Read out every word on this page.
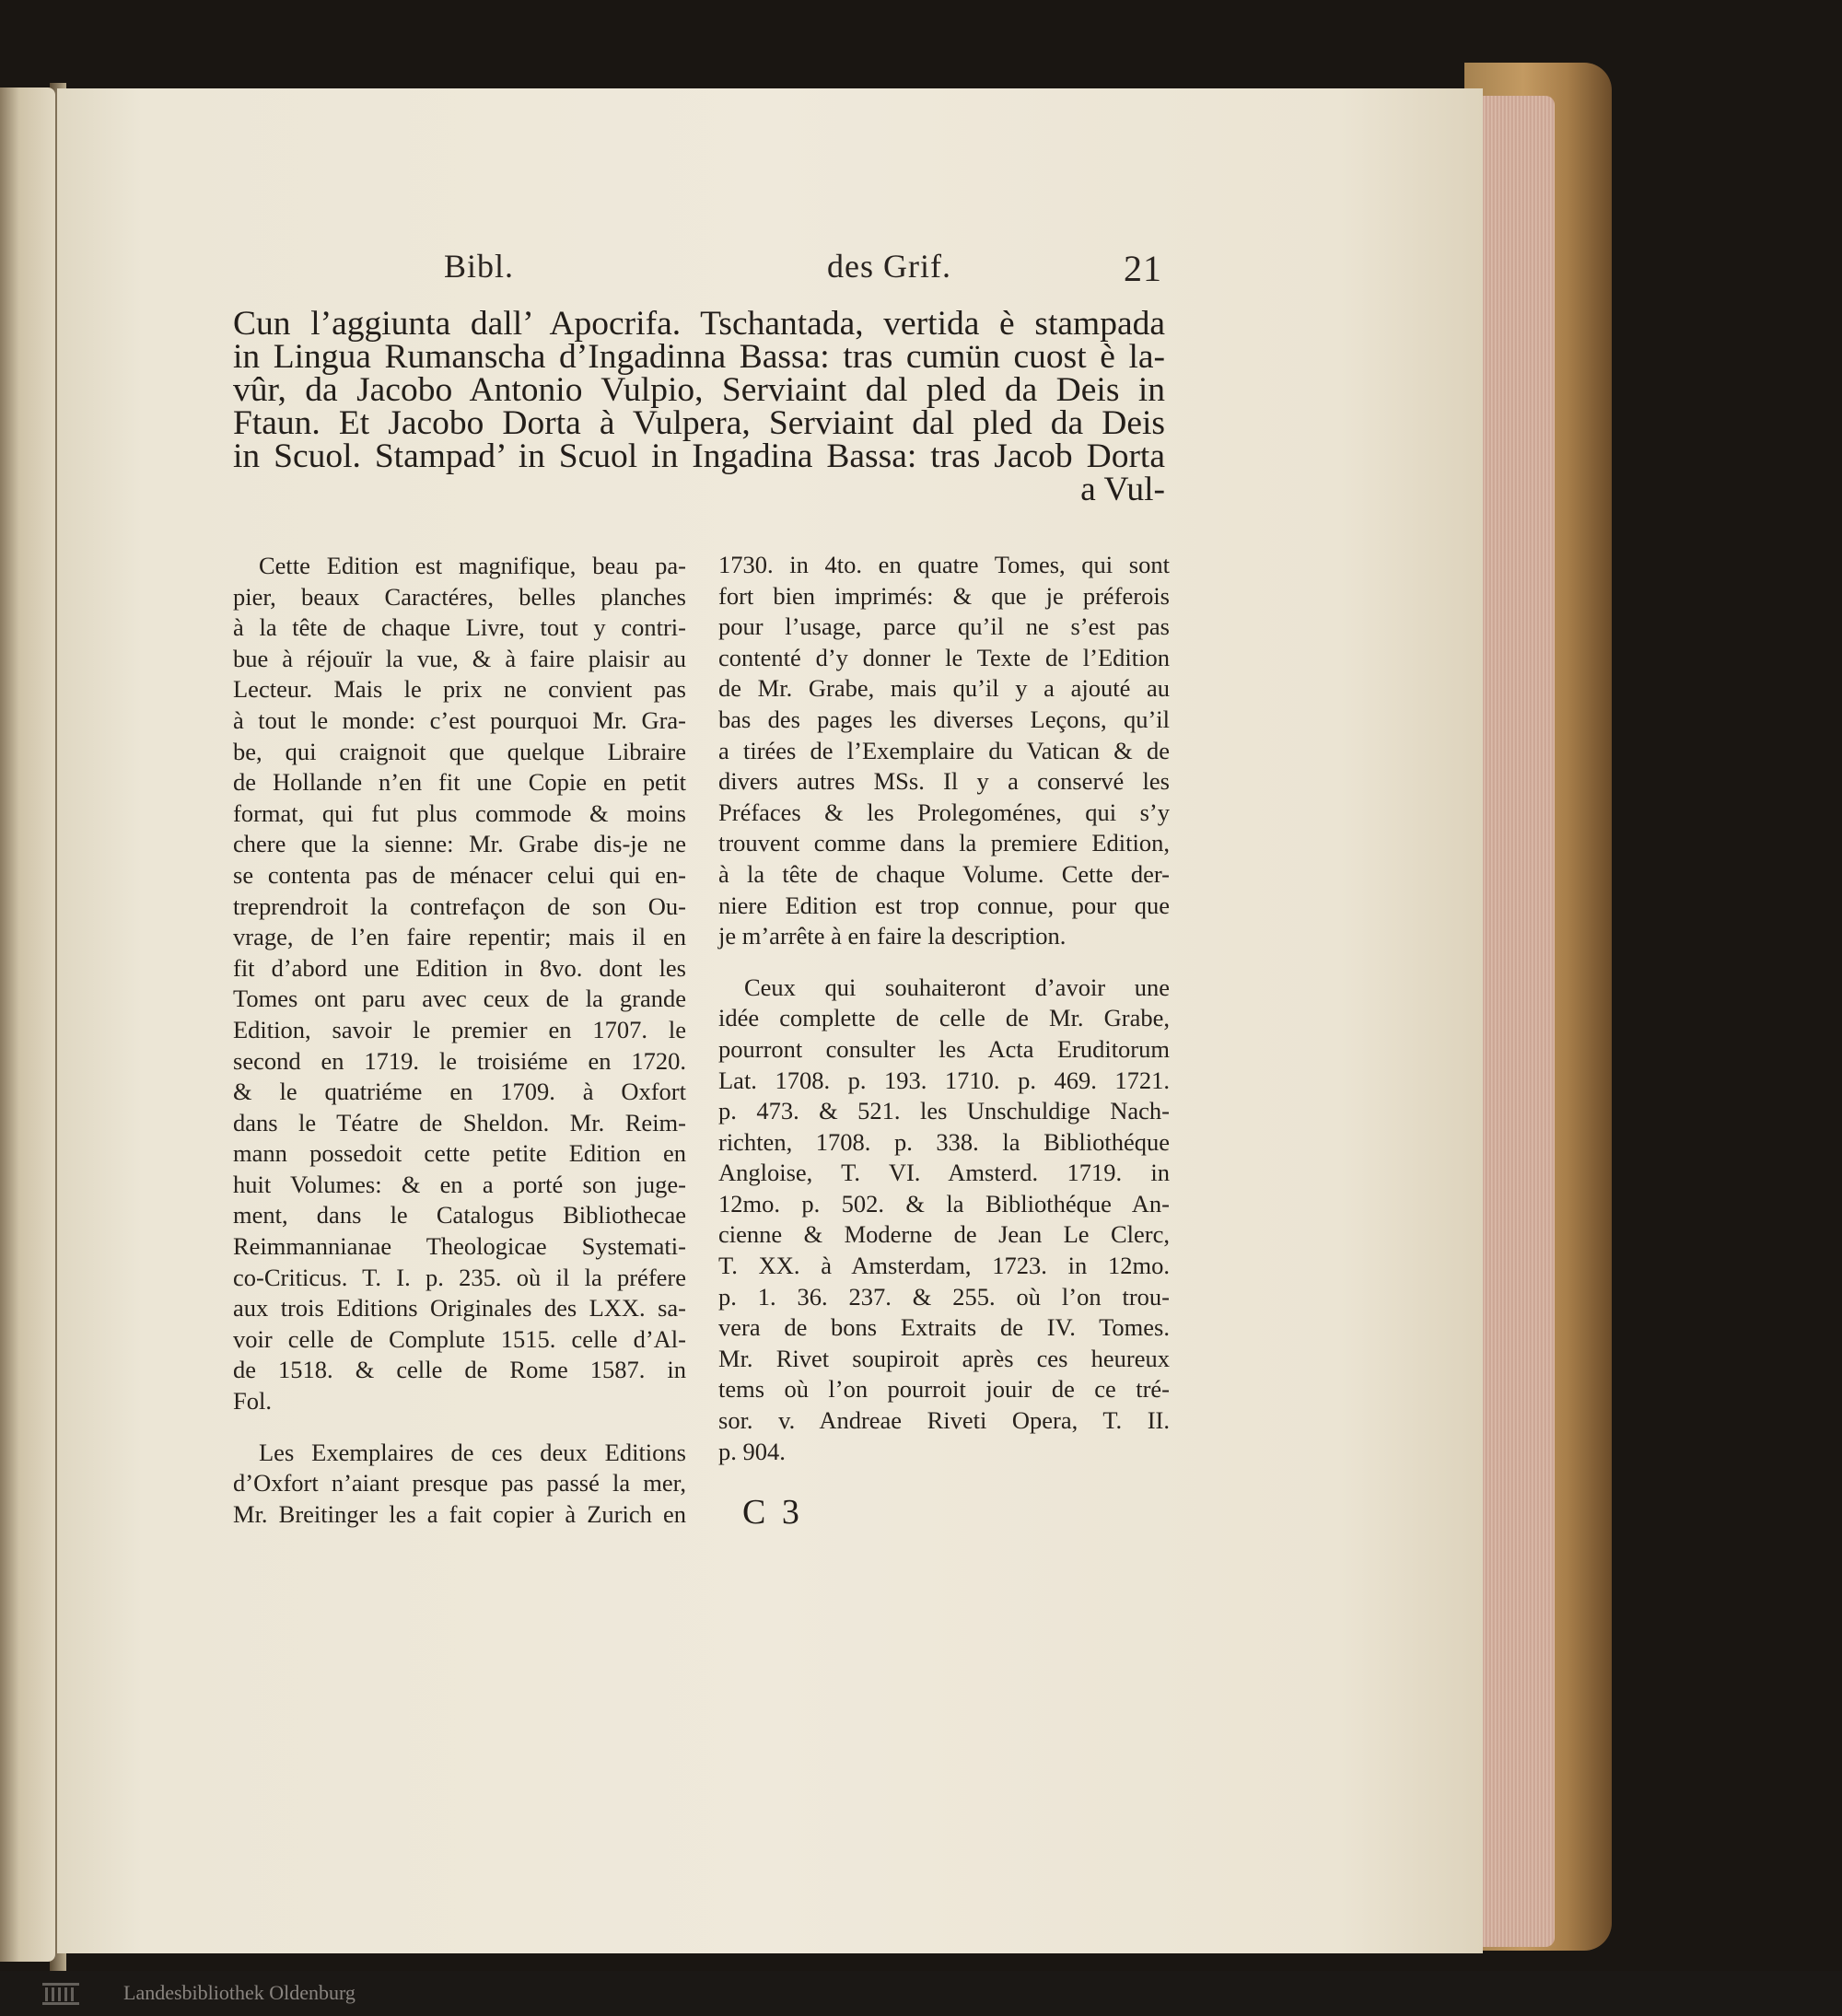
Bibl.	des Grif.	21
Cun l’aggiunta dall’ Apocrifa. Tschantada, vertida è stampada
in Lingua Rumanscha d’Ingadinna Bassa: tras cumün cuost è la-
vûr, da Jacobo Antonio Vulpio, Serviaint dal pled da Deis in
Ftaun. Et Jacobo Dorta à Vulpera, Serviaint dal pled da Deis
in Scuol. Stampad’ in Scuol in Ingadina Bassa: tras Jacob Dorta
a Vul-
Cette Edition est magnifique, beau pa-
pier, beaux Caractéres, belles planches
à la tête de chaque Livre, tout y contri-
bue à réjouïr la vue, & à faire plaisir au
Lecteur. Mais le prix ne convient pas
à tout le monde: c’est pourquoi Mr. Gra-
be, qui craignoit que quelque Libraire
de Hollande n’en fit une Copie en petit
format, qui fut plus commode & moins
chere que la sienne: Mr. Grabe dis-je ne
se contenta pas de ménacer celui qui en-
treprendroit la contrefaçon de son Ou-
vrage, de l’en faire repentir; mais il en
fit d’abord une Edition in 8vo. dont les
Tomes ont paru avec ceux de la grande
Edition, savoir le premier en 1707. le
second en 1719. le troisiéme en 1720.
& le quatriéme en 1709. à Oxfort
dans le Téatre de Sheldon. Mr. Reim-
mann possedoit cette petite Edition en
huit Volumes: & en a porté son juge-
ment, dans le Catalogus Bibliothecae
Reimmannianae Theologicae Systemati-
co-Criticus. T. I. p. 235. où il la préfere
aux trois Editions Originales des LXX. sa-
voir celle de Complute 1515. celle d’Al-
de 1518. & celle de Rome 1587. in
Fol.
Les Exemplaires de ces deux Editions
d’Oxfort n’aiant presque pas passé la mer,
Mr. Breitinger les a fait copier à Zurich en
1730. in 4to. en quatre Tomes, qui sont
fort bien imprimés: & que je préferois
pour l’usage, parce qu’il ne s’est pas
contenté d’y donner le Texte de l’Edition
de Mr. Grabe, mais qu’il y a ajouté au
bas des pages les diverses Leçons, qu’il
a tirées de l’Exemplaire du Vatican & de
divers autres MSs. Il y a conservé les
Préfaces & les Prolegoménes, qui s’y
trouvent comme dans la premiere Edition,
à la tête de chaque Volume. Cette der-
niere Edition est trop connue, pour que
je m’arrête à en faire la description.
Ceux qui souhaiteront d’avoir une
idée complette de celle de Mr. Grabe,
pourront consulter les Acta Eruditorum
Lat. 1708. p. 193. 1710. p. 469. 1721.
p. 473. & 521. les Unschuldige Nach-
richten, 1708. p. 338. la Bibliothéque
Angloise, T. VI. Amsterd. 1719. in
12mo. p. 502. & la Bibliothéque An-
cienne & Moderne de Jean Le Clerc,
T. XX. à Amsterdam, 1723. in 12mo.
p. 1. 36. 237. & 255. où l’on trou-
vera de bons Extraits de IV. Tomes.
Mr. Rivet soupiroit après ces heureux
tems où l’on pourroit jouir de ce tré-
sor. v. Andreae Riveti Opera, T. II.
p. 904.
C 3
Landesbibliothek Oldenburg
